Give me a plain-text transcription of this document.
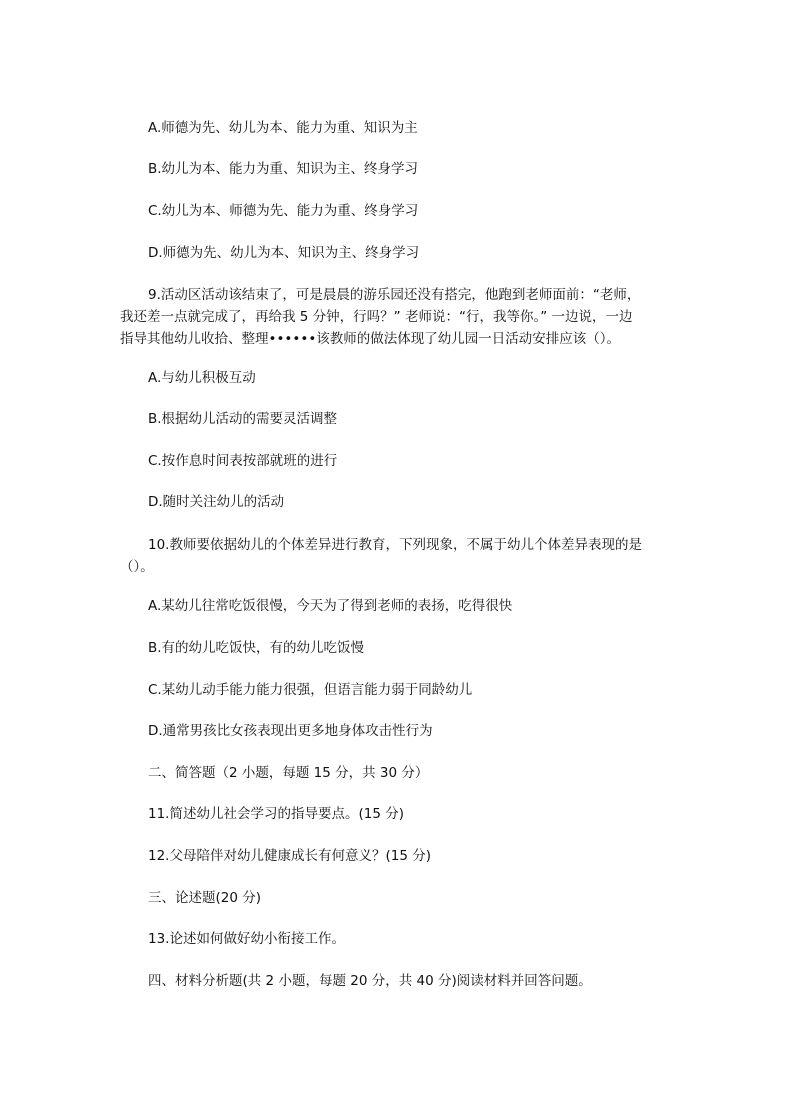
A.师德为先、幼儿为本、能力为重、知识为主
B.幼儿为本、能力为重、知识为主、终身学习
C.幼儿为本、师德为先、能力为重、终身学习
D.师德为先、幼儿为本、知识为主、终身学习
9.活动区活动该结束了，可是晨晨的游乐园还没有搭完，他跑到老师面前：“老师，
我还差一点就完成了，再给我 5 分钟，行吗？” 老师说：“行，我等你。” 一边说，一边
指导其他幼儿收拾、整理••••••该教师的做法体现了幼儿园一日活动安排应该（）。
A.与幼儿积极互动
B.根据幼儿活动的需要灵活调整
C.按作息时间表按部就班的进行
D.随时关注幼儿的活动
10.教师要依据幼儿的个体差异进行教育，下列现象，不属于幼儿个体差异表现的是
（）。
A.某幼儿往常吃饭很慢，今天为了得到老师的表扬，吃得很快
B.有的幼儿吃饭快，有的幼儿吃饭慢
C.某幼儿动手能力能力很强，但语言能力弱于同龄幼儿
D.通常男孩比女孩表现出更多地身体攻击性行为
二、简答题（2 小题，每题 15 分，共 30 分）
11.简述幼儿社会学习的指导要点。(15 分)
12.父母陪伴对幼儿健康成长有何意义？(15 分)
三、论述题(20 分)
13.论述如何做好幼小衔接工作。
四、材料分析题(共 2 小题，每题 20 分，共 40 分)阅读材料并回答问题。
